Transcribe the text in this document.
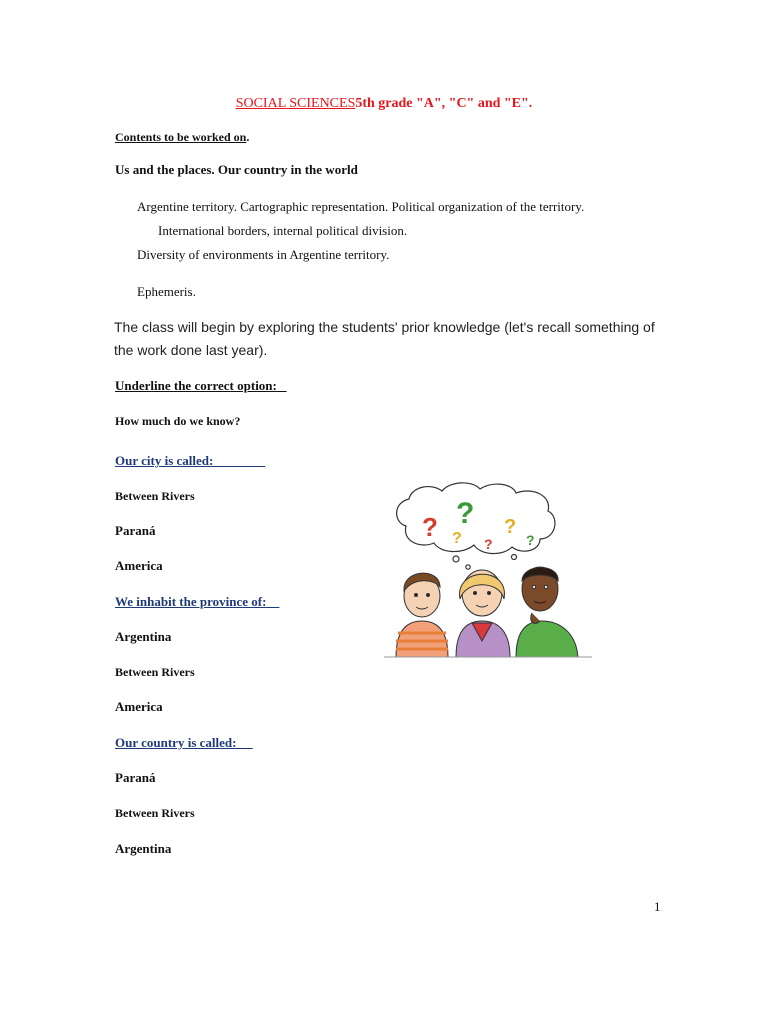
SOCIAL SCIENCES5th grade "A", "C" and "E".
Contents to be worked on.
Us and the places. Our country in the world
Argentine territory. Cartographic representation. Political organization of the territory.
International borders, internal political division.
Diversity of environments in Argentine territory.
Ephemeris.
The class will begin by exploring the students' prior knowledge (let's recall something of
the work done last year).
Underline the correct option:
How much do we know?
Our city is called:
Between Rivers
Paraná
America
We inhabit the province of:
Argentina
Between Rivers
America
Our country is called:
Paraná
Between Rivers
Argentina
? ?
? ?
?
?
1
